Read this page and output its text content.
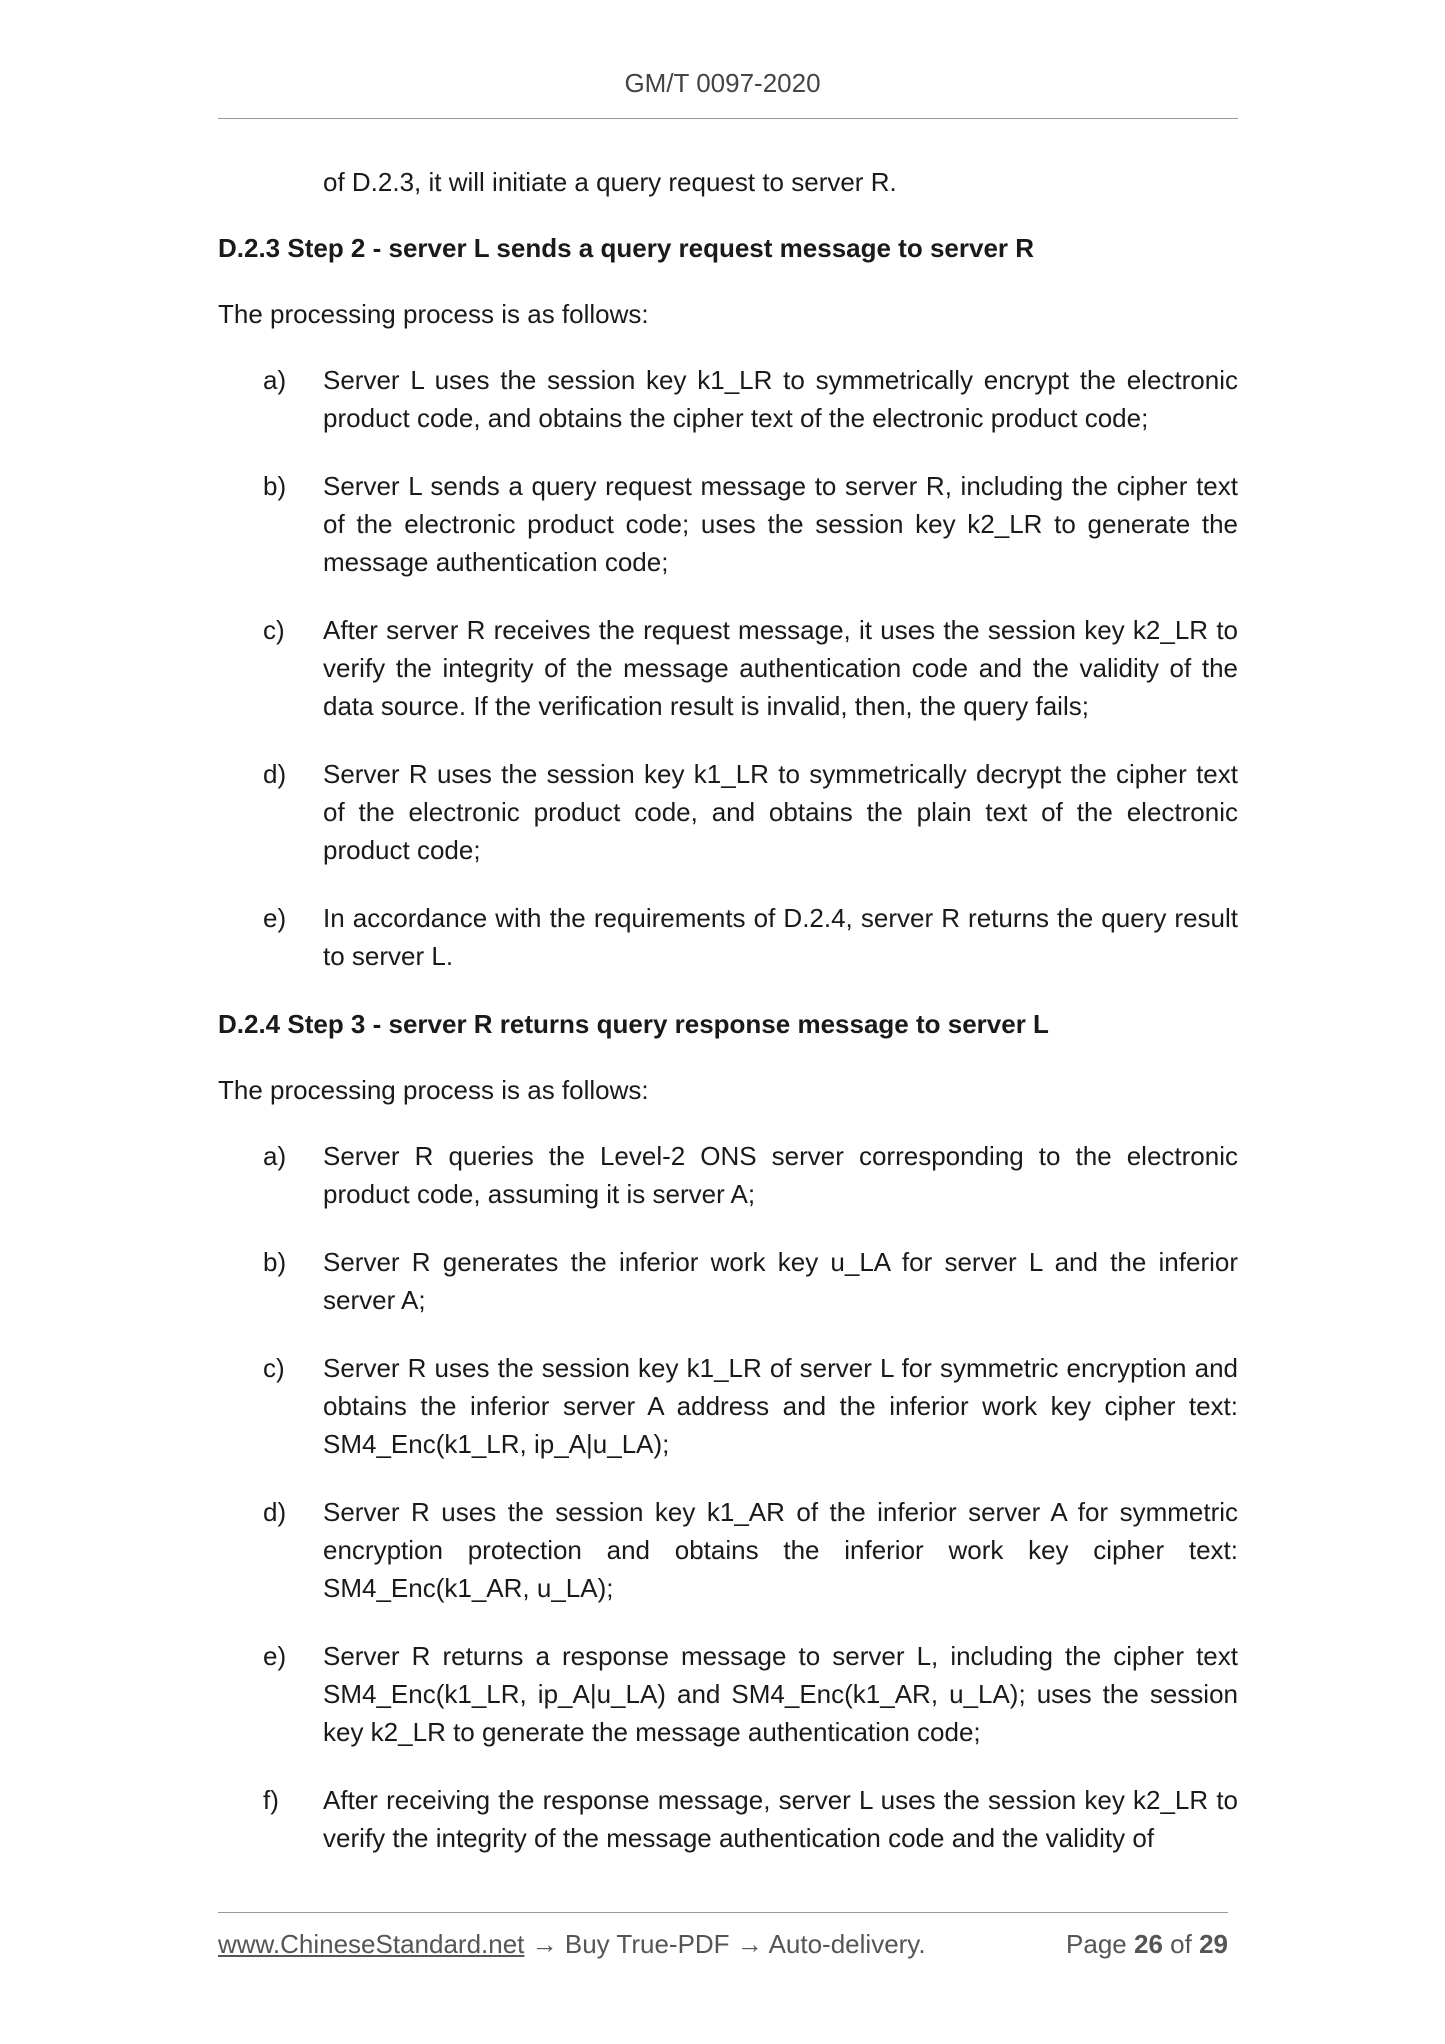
GM/T 0097-2020
of D.2.3, it will initiate a query request to server R.
D.2.3 Step 2 - server L sends a query request message to server R
The processing process is as follows:
a)	Server L uses the session key k1_LR to symmetrically encrypt the electronic product code, and obtains the cipher text of the electronic product code;
b)	Server L sends a query request message to server R, including the cipher text of the electronic product code; uses the session key k2_LR to generate the message authentication code;
c)	After server R receives the request message, it uses the session key k2_LR to verify the integrity of the message authentication code and the validity of the data source. If the verification result is invalid, then, the query fails;
d)	Server R uses the session key k1_LR to symmetrically decrypt the cipher text of the electronic product code, and obtains the plain text of the electronic product code;
e)	In accordance with the requirements of D.2.4, server R returns the query result to server L.
D.2.4 Step 3 - server R returns query response message to server L
The processing process is as follows:
a)	Server R queries the Level-2 ONS server corresponding to the electronic product code, assuming it is server A;
b)	Server R generates the inferior work key u_LA for server L and the inferior server A;
c)	Server R uses the session key k1_LR of server L for symmetric encryption and obtains the inferior server A address and the inferior work key cipher text: SM4_Enc(k1_LR, ip_A|u_LA);
d)	Server R uses the session key k1_AR of the inferior server A for symmetric encryption protection and obtains the inferior work key cipher text: SM4_Enc(k1_AR, u_LA);
e)	Server R returns a response message to server L, including the cipher text SM4_Enc(k1_LR, ip_A|u_LA) and SM4_Enc(k1_AR, u_LA); uses the session key k2_LR to generate the message authentication code;
f)	After receiving the response message, server L uses the session key k2_LR to verify the integrity of the message authentication code and the validity of
www.ChineseStandard.net → Buy True-PDF → Auto-delivery.	Page 26 of 29
